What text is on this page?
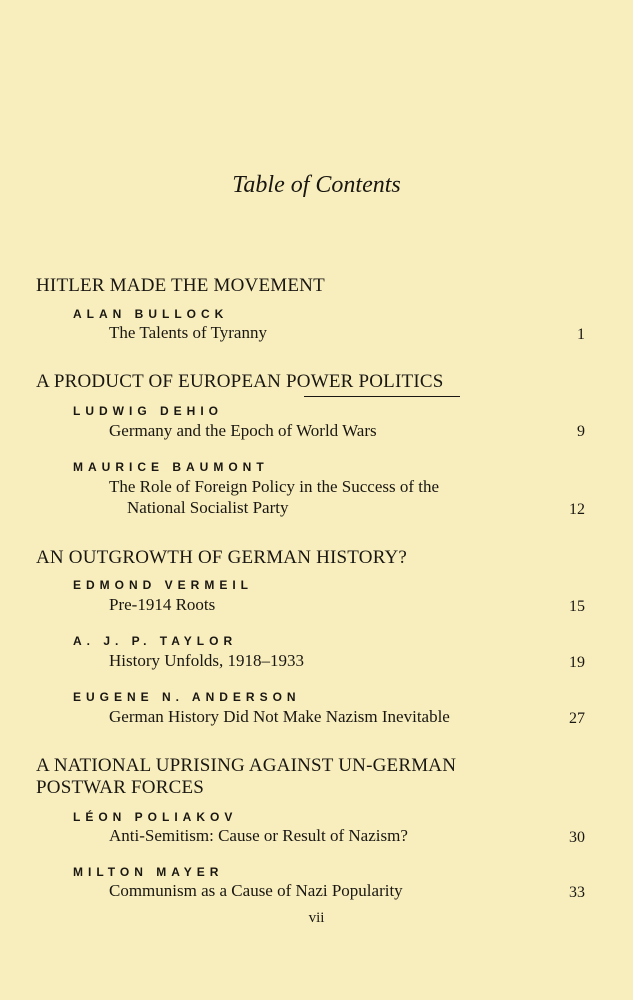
Table of Contents
HITLER MADE THE MOVEMENT
ALAN BULLOCK
The Talents of Tyranny	1
A PRODUCT OF EUROPEAN POWER POLITICS
LUDWIG DEHIO
Germany and the Epoch of World Wars	9
MAURICE BAUMONT
The Role of Foreign Policy in the Success of the
National Socialist Party	12
AN OUTGROWTH OF GERMAN HISTORY?
EDMOND VERMEIL
Pre-1914 Roots	15
A. J. P. TAYLOR
History Unfolds, 1918–1933	19
EUGENE N. ANDERSON
German History Did Not Make Nazism Inevitable	27
A NATIONAL UPRISING AGAINST UN-GERMAN
POSTWAR FORCES
LÉON POLIAKOV
Anti-Semitism: Cause or Result of Nazism?	30
MILTON MAYER
Communism as a Cause of Nazi Popularity	33
vii
